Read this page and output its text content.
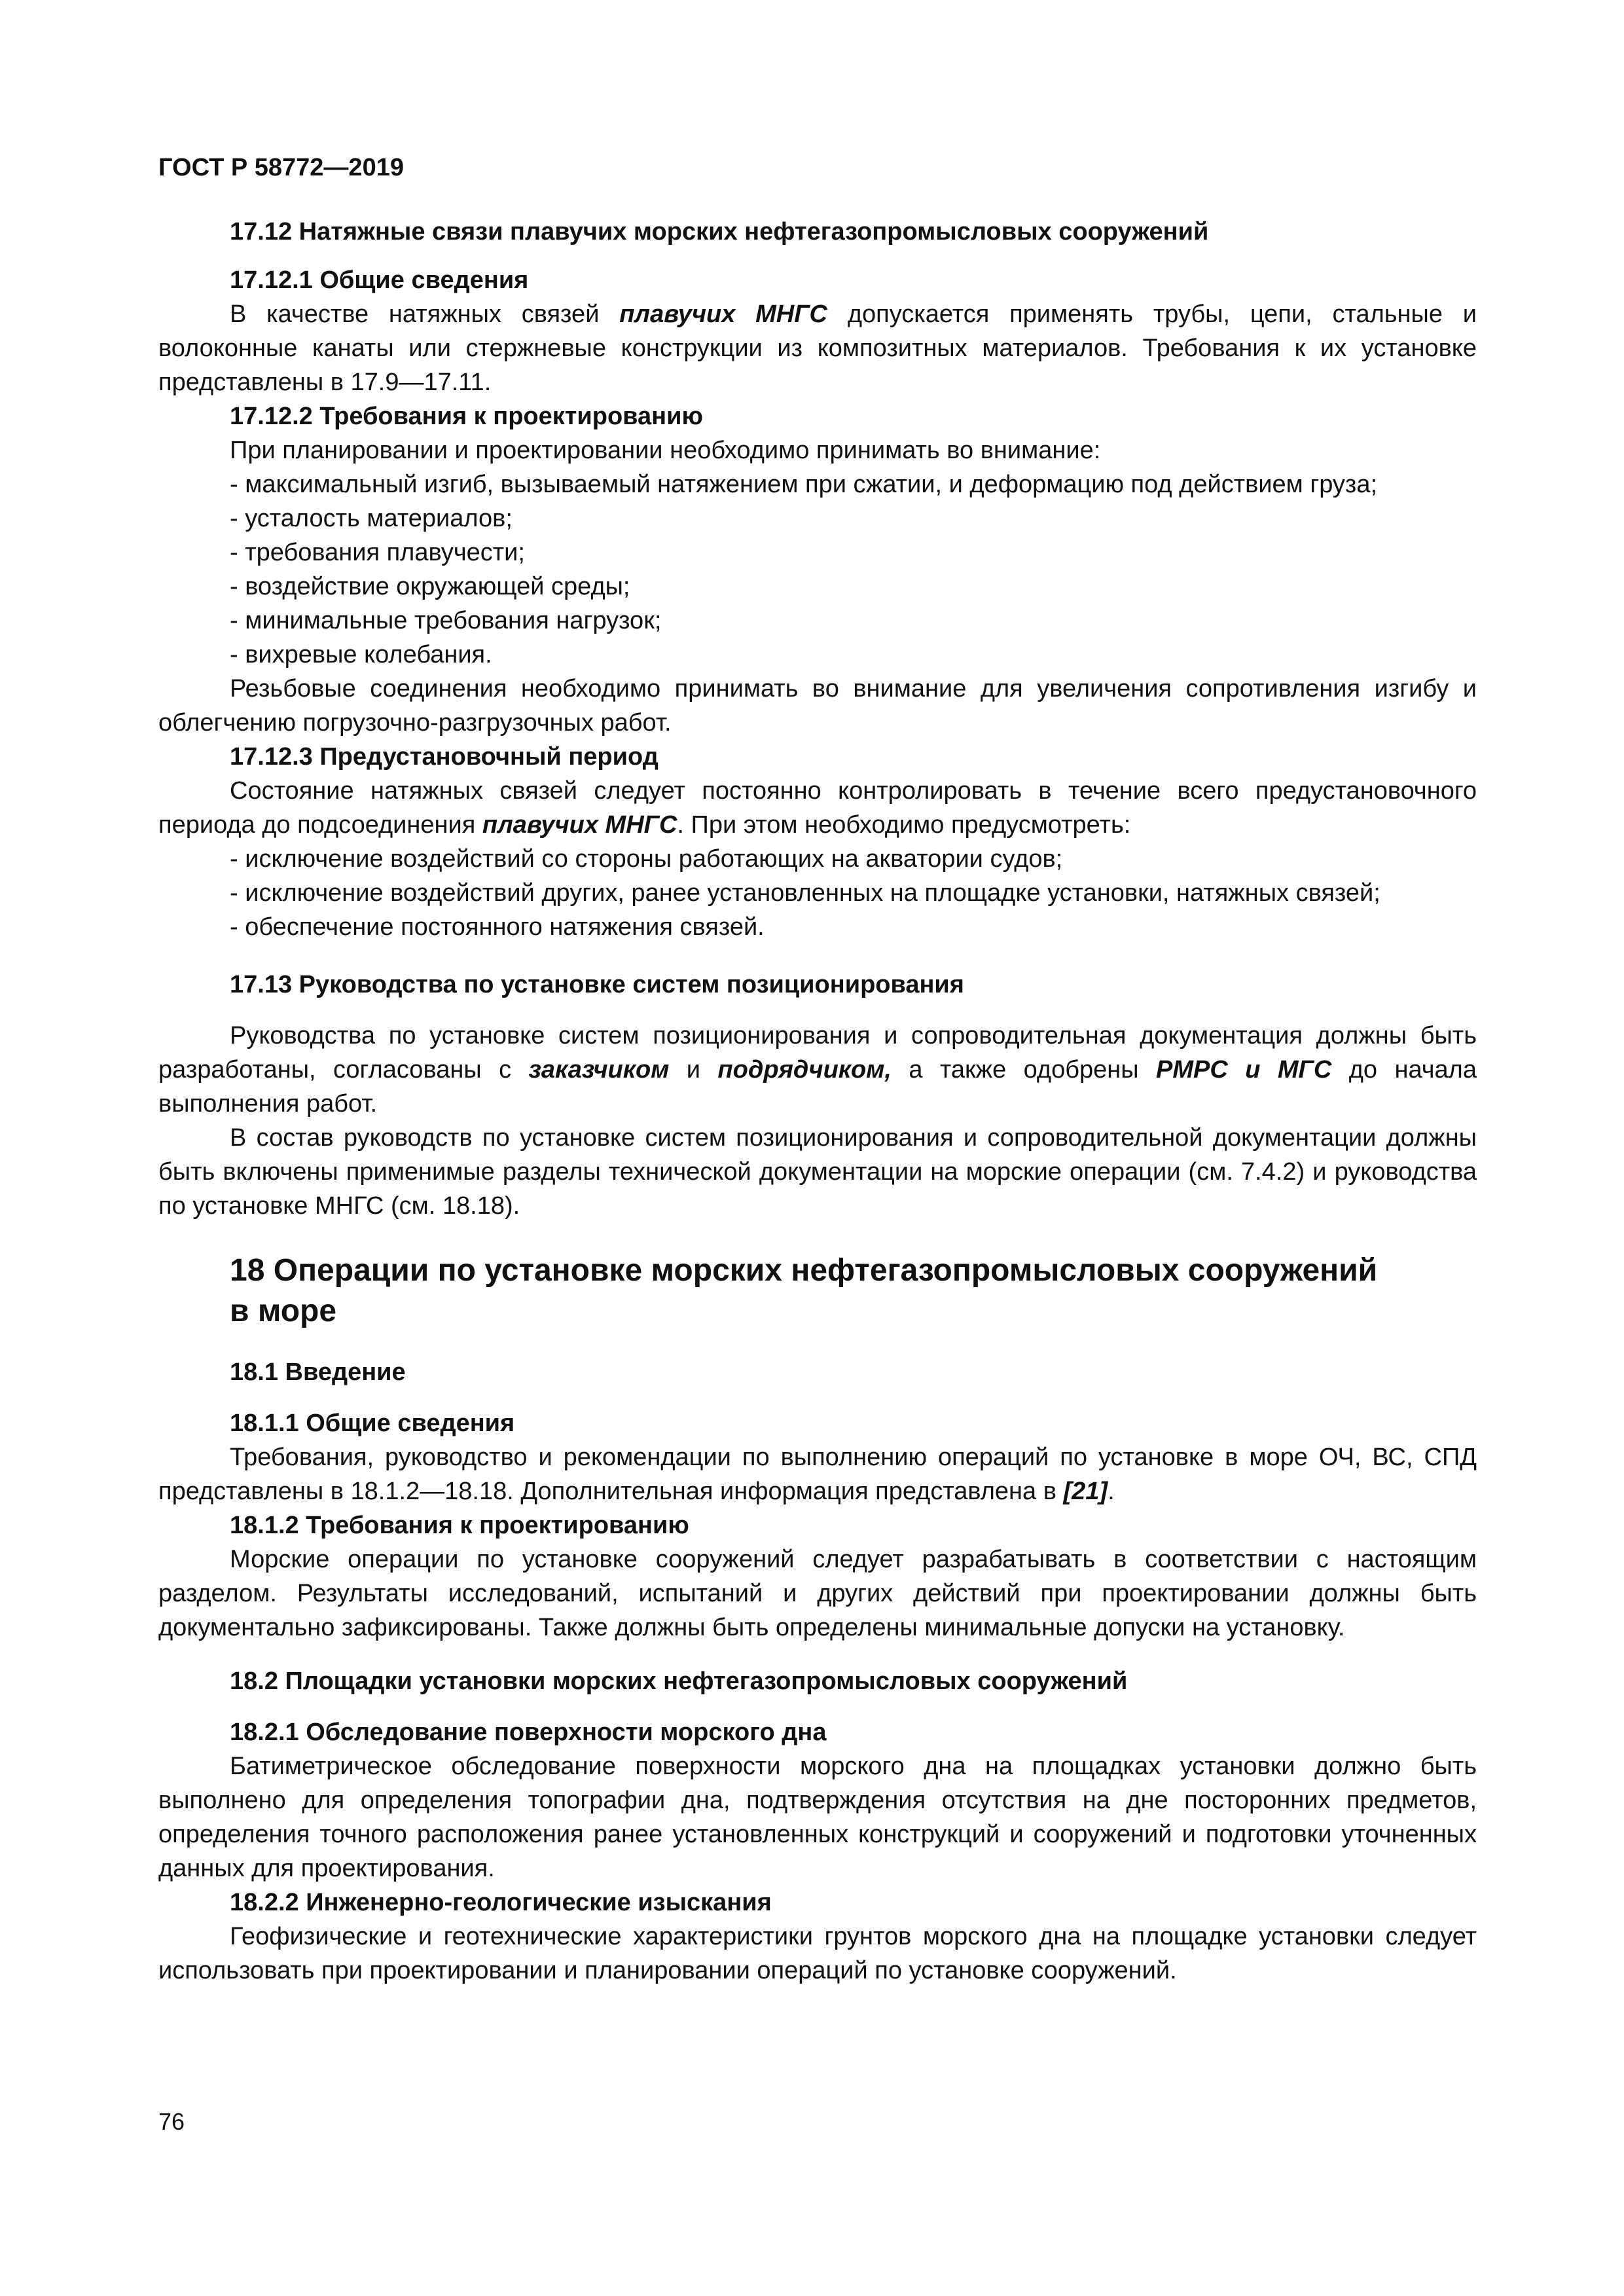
ГОСТ Р 58772—2019
17.12 Натяжные связи плавучих морских нефтегазопромысловых сооружений
17.12.1 Общие сведения
В качестве натяжных связей плавучих МНГС допускается применять трубы, цепи, стальные и волоконные канаты или стержневые конструкции из композитных материалов. Требования к их установке представлены в 17.9—17.11.
17.12.2 Требования к проектированию
При планировании и проектировании необходимо принимать во внимание:
- максимальный изгиб, вызываемый натяжением при сжатии, и деформацию под действием груза;
- усталость материалов;
- требования плавучести;
- воздействие окружающей среды;
- минимальные требования нагрузок;
- вихревые колебания.
Резьбовые соединения необходимо принимать во внимание для увеличения сопротивления изгибу и облегчению погрузочно-разгрузочных работ.
17.12.3 Предустановочный период
Состояние натяжных связей следует постоянно контролировать в течение всего предустановочного периода до подсоединения плавучих МНГС. При этом необходимо предусмотреть:
- исключение воздействий со стороны работающих на акватории судов;
- исключение воздействий других, ранее установленных на площадке установки, натяжных связей;
- обеспечение постоянного натяжения связей.
17.13 Руководства по установке систем позиционирования
Руководства по установке систем позиционирования и сопроводительная документация должны быть разработаны, согласованы с заказчиком и подрядчиком, а также одобрены РМРС и МГС до начала выполнения работ.
В состав руководств по установке систем позиционирования и сопроводительной документации должны быть включены применимые разделы технической документации на морские операции (см. 7.4.2) и руководства по установке МНГС (см. 18.18).
18 Операции по установке морских нефтегазопромысловых сооружений
в море
18.1 Введение
18.1.1 Общие сведения
Требования, руководство и рекомендации по выполнению операций по установке в море ОЧ, ВС, СПД представлены в 18.1.2—18.18. Дополнительная информация представлена в [21].
18.1.2 Требования к проектированию
Морские операции по установке сооружений следует разрабатывать в соответствии с настоящим разделом. Результаты исследований, испытаний и других действий при проектировании должны быть документально зафиксированы. Также должны быть определены минимальные допуски на установку.
18.2 Площадки установки морских нефтегазопромысловых сооружений
18.2.1 Обследование поверхности морского дна
Батиметрическое обследование поверхности морского дна на площадках установки должно быть выполнено для определения топографии дна, подтверждения отсутствия на дне посторонних предметов, определения точного расположения ранее установленных конструкций и сооружений и подготовки уточненных данных для проектирования.
18.2.2 Инженерно-геологические изыскания
Геофизические и геотехнические характеристики грунтов морского дна на площадке установки следует использовать при проектировании и планировании операций по установке сооружений.
76
